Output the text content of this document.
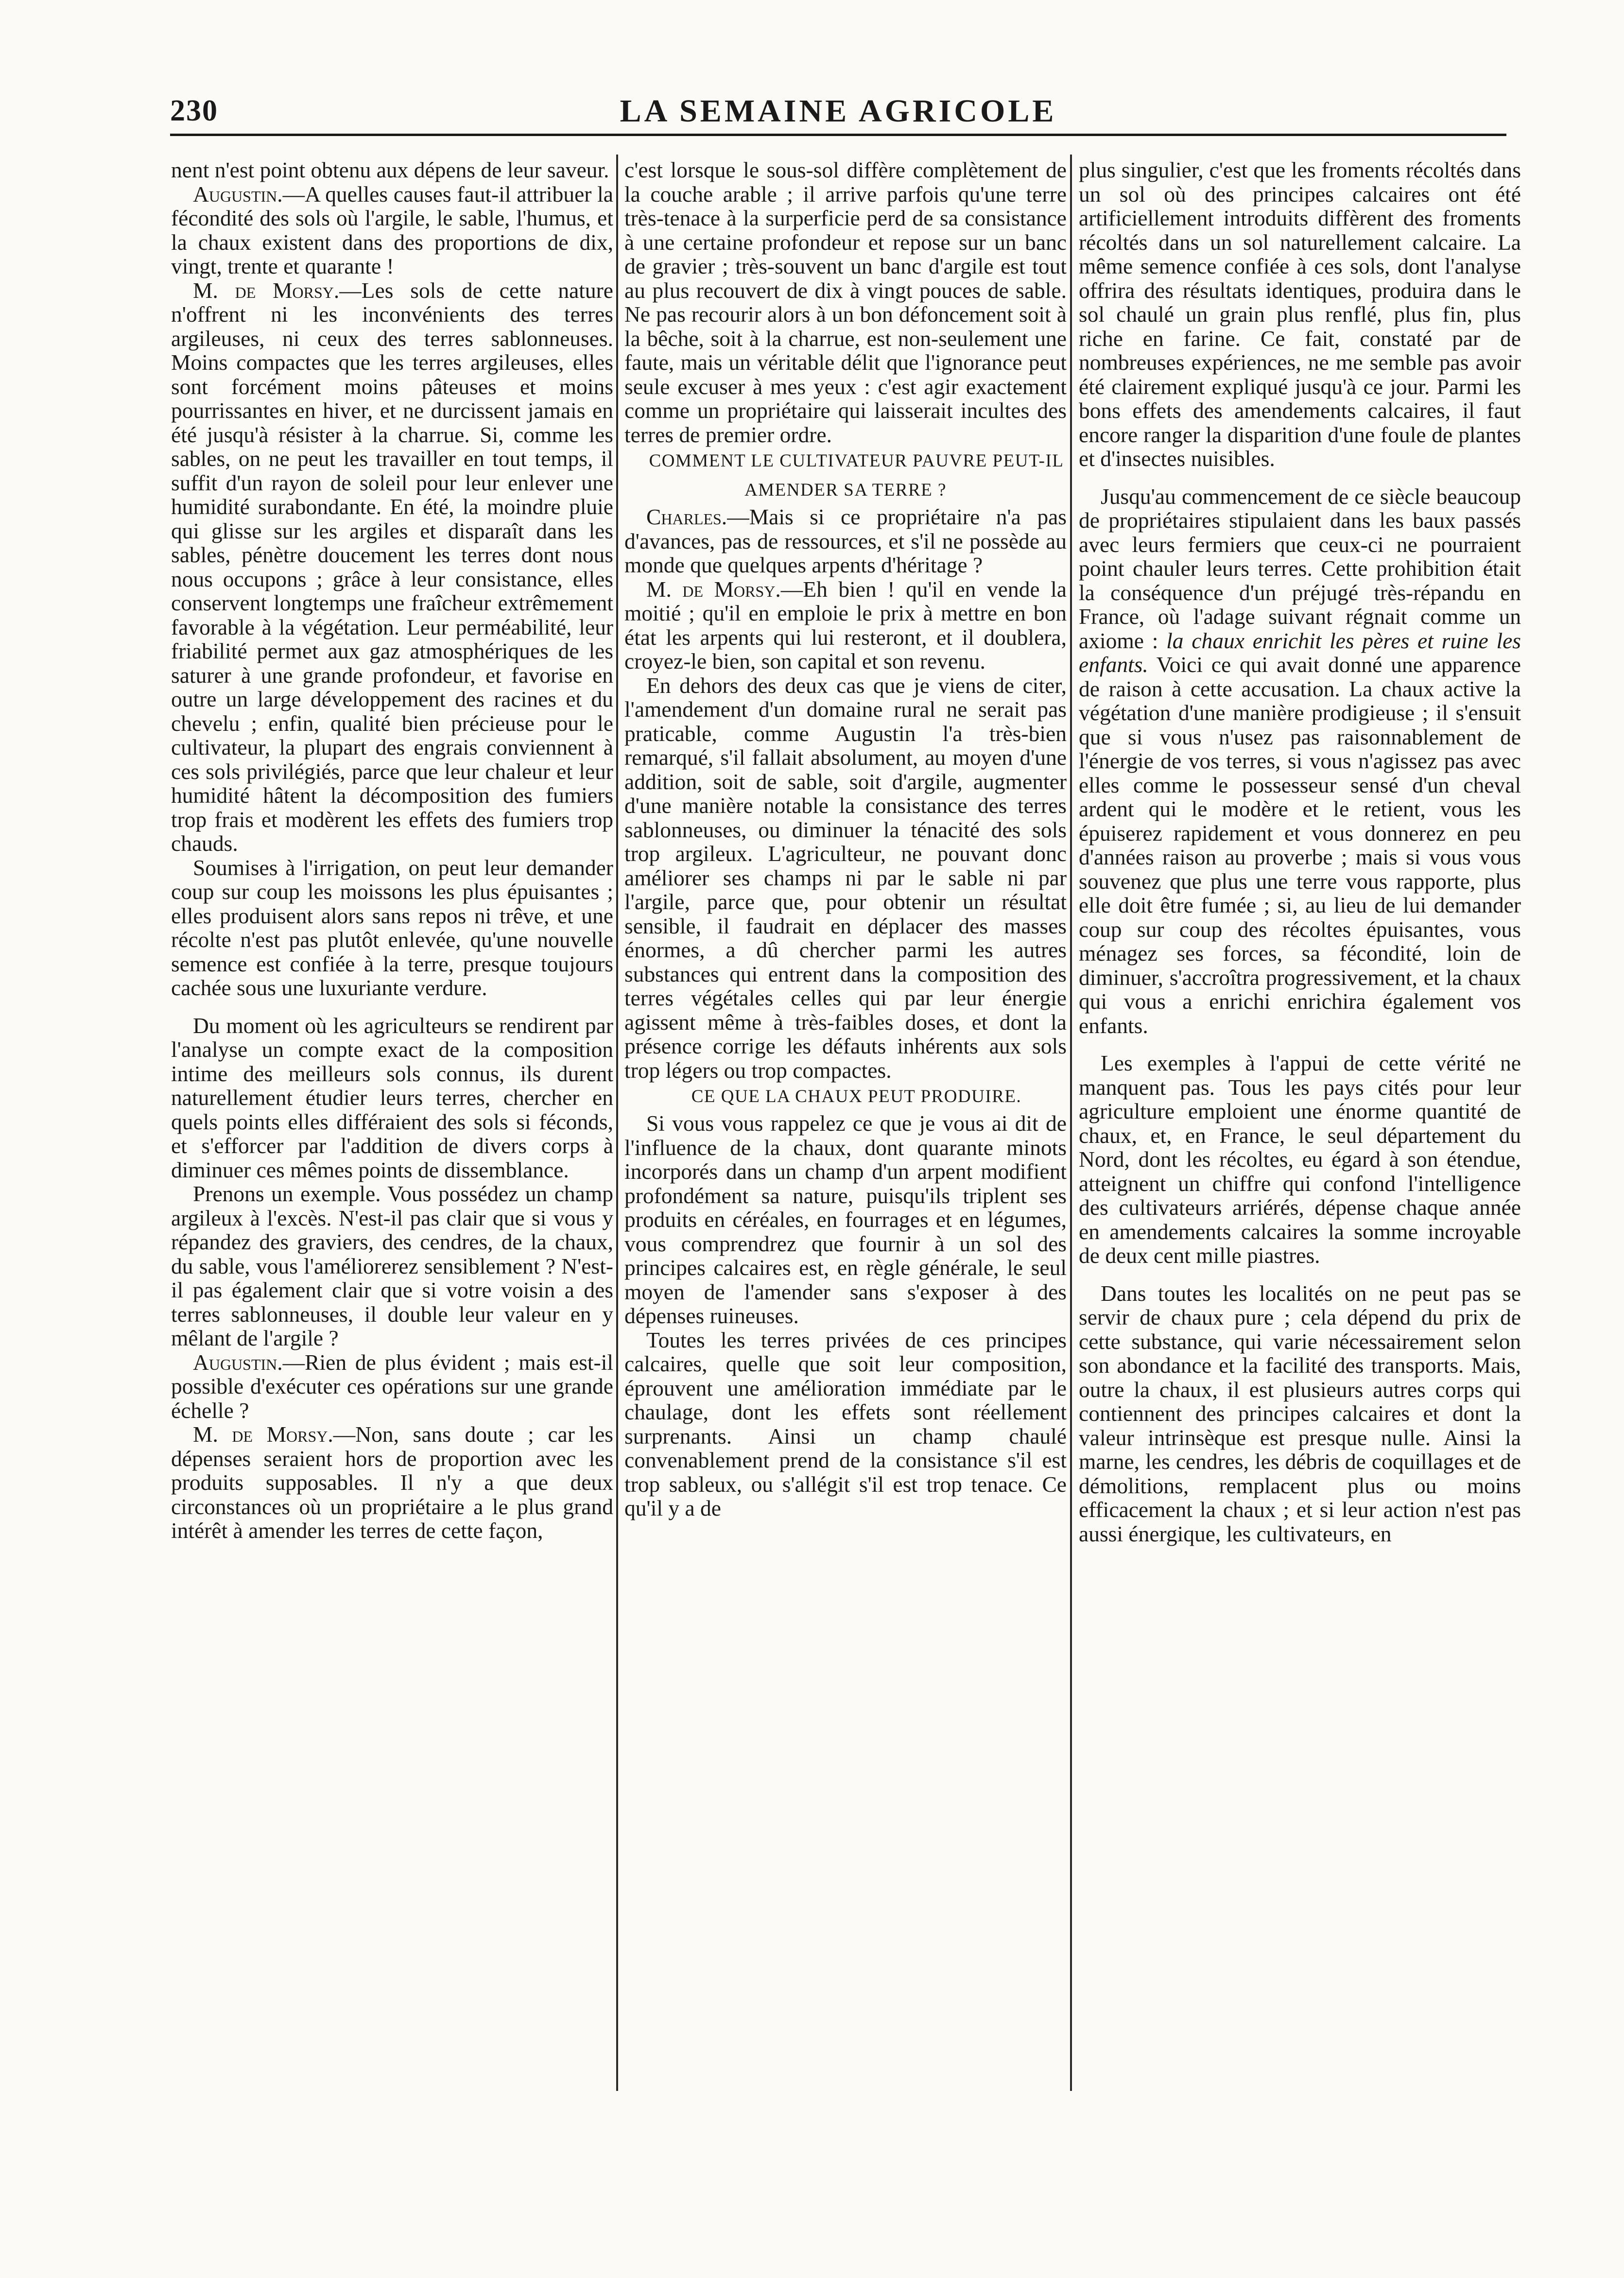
230	LA SEMAINE AGRICOLE

nent n'est point obtenu aux dépens de leur saveur.

Augustin.—A quelles causes faut-il attribuer la fécondité des sols où l'argile, le sable, l'humus, et la chaux existent dans des proportions de dix, vingt, trente et quarante !

M. de Morsy.—Les sols de cette nature n'offrent ni les inconvénients des terres argileuses, ni ceux des terres sablonneuses. Moins compactes que les terres argileuses, elles sont forcément moins pâteuses et moins pourrissantes en hiver, et ne durcissent jamais en été jusqu'à résister à la charrue. Si, comme les sables, on ne peut les travailler en tout temps, il suffit d'un rayon de soleil pour leur enlever une humidité surabondante. En été, la moindre pluie qui glisse sur les argiles et disparaît dans les sables, pénètre doucement les terres dont nous nous occupons ; grâce à leur consistance, elles conservent longtemps une fraîcheur extrêmement favorable à la végétation. Leur perméabilité, leur friabilité permet aux gaz atmosphériques de les saturer à une grande profondeur, et favorise en outre un large développement des racines et du chevelu ; enfin, qualité bien précieuse pour le cultivateur, la plupart des engrais conviennent à ces sols privilégiés, parce que leur chaleur et leur humidité hâtent la décomposition des fumiers trop frais et modèrent les effets des fumiers trop chauds.

Soumises à l'irrigation, on peut leur demander coup sur coup les moissons les plus épuisantes ; elles produisent alors sans repos ni trêve, et une récolte n'est pas plutôt enlevée, qu'une nouvelle semence est confiée à la terre, presque toujours cachée sous une luxuriante verdure.

Du moment où les agriculteurs se rendirent par l'analyse un compte exact de la composition intime des meilleurs sols connus, ils durent naturellement étudier leurs terres, chercher en quels points elles différaient des sols si féconds, et s'efforcer par l'addition de divers corps à diminuer ces mêmes points de dissemblance.

Prenons un exemple. Vous possédez un champ argileux à l'excès. N'est-il pas clair que si vous y répandez des graviers, des cendres, de la chaux, du sable, vous l'améliorerez sensiblement ? N'est-il pas également clair que si votre voisin a des terres sablonneuses, il double leur valeur en y mêlant de l'argile ?

Augustin.—Rien de plus évident ; mais est-il possible d'exécuter ces opérations sur une grande échelle ?

M. de Morsy.—Non, sans doute ; car les dépenses seraient hors de proportion avec les produits supposables. Il n'y a que deux circonstances où un propriétaire a le plus grand intérêt à amender les terres de cette façon,

c'est lorsque le sous-sol diffère complètement de la couche arable ; il arrive parfois qu'une terre très-tenace à la surperficie perd de sa consistance à une certaine profondeur et repose sur un banc de gravier ; très-souvent un banc d'argile est tout au plus recouvert de dix à vingt pouces de sable. Ne pas recourir alors à un bon défoncement soit à la bêche, soit à la charrue, est non-seulement une faute, mais un véritable délit que l'ignorance peut seule excuser à mes yeux : c'est agir exactement comme un propriétaire qui laisserait incultes des terres de premier ordre.

COMMENT LE CULTIVATEUR PAUVRE PEUT-IL AMENDER SA TERRE ?

Charles.—Mais si ce propriétaire n'a pas d'avances, pas de ressources, et s'il ne possède au monde que quelques arpents d'héritage ?

M. de Morsy.—Eh bien ! qu'il en vende la moitié ; qu'il en emploie le prix à mettre en bon état les arpents qui lui resteront, et il doublera, croyez-le bien, son capital et son revenu.

En dehors des deux cas que je viens de citer, l'amendement d'un domaine rural ne serait pas praticable, comme Augustin l'a très-bien remarqué, s'il fallait absolument, au moyen d'une addition, soit de sable, soit d'argile, augmenter d'une manière notable la consistance des terres sablonneuses, ou diminuer la ténacité des sols trop argileux. L'agriculteur, ne pouvant donc améliorer ses champs ni par le sable ni par l'argile, parce que, pour obtenir un résultat sensible, il faudrait en déplacer des masses énormes, a dû chercher parmi les autres substances qui entrent dans la composition des terres végétales celles qui par leur énergie agissent même à très-faibles doses, et dont la présence corrige les défauts inhérents aux sols trop légers ou trop compactes.

CE QUE LA CHAUX PEUT PRODUIRE.

Si vous vous rappelez ce que je vous ai dit de l'influence de la chaux, dont quarante minots incorporés dans un champ d'un arpent modifient profondément sa nature, puisqu'ils triplent ses produits en céréales, en fourrages et en légumes, vous comprendrez que fournir à un sol des principes calcaires est, en règle générale, le seul moyen de l'amender sans s'exposer à des dépenses ruineuses.

Toutes les terres privées de ces principes calcaires, quelle que soit leur composition, éprouvent une amélioration immédiate par le chaulage, dont les effets sont réellement surprenants. Ainsi un champ chaulé convenablement prend de la consistance s'il est trop sableux, ou s'allégit s'il est trop tenace. Ce qu'il y a de

plus singulier, c'est que les froments récoltés dans un sol où des principes calcaires ont été artificiellement introduits diffèrent des froments récoltés dans un sol naturellement calcaire. La même semence confiée à ces sols, dont l'analyse offrira des résultats identiques, produira dans le sol chaulé un grain plus renflé, plus fin, plus riche en farine. Ce fait, constaté par de nombreuses expériences, ne me semble pas avoir été clairement expliqué jusqu'à ce jour. Parmi les bons effets des amendements calcaires, il faut encore ranger la disparition d'une foule de plantes et d'insectes nuisibles.

Jusqu'au commencement de ce siècle beaucoup de propriétaires stipulaient dans les baux passés avec leurs fermiers que ceux-ci ne pourraient point chauler leurs terres. Cette prohibition était la conséquence d'un préjugé très-répandu en France, où l'adage suivant régnait comme un axiome : la chaux enrichit les pères et ruine les enfants. Voici ce qui avait donné une apparence de raison à cette accusation. La chaux active la végétation d'une manière prodigieuse ; il s'ensuit que si vous n'usez pas raisonnablement de l'énergie de vos terres, si vous n'agissez pas avec elles comme le possesseur sensé d'un cheval ardent qui le modère et le retient, vous les épuiserez rapidement et vous donnerez en peu d'années raison au proverbe ; mais si vous vous souvenez que plus une terre vous rapporte, plus elle doit être fumée ; si, au lieu de lui demander coup sur coup des récoltes épuisantes, vous ménagez ses forces, sa fécondité, loin de diminuer, s'accroîtra progressivement, et la chaux qui vous a enrichi enrichira également vos enfants.

Les exemples à l'appui de cette vérité ne manquent pas. Tous les pays cités pour leur agriculture emploient une énorme quantité de chaux, et, en France, le seul département du Nord, dont les récoltes, eu égard à son étendue, atteignent un chiffre qui confond l'intelligence des cultivateurs arriérés, dépense chaque année en amendements calcaires la somme incroyable de deux cent mille piastres.

Dans toutes les localités on ne peut pas se servir de chaux pure ; cela dépend du prix de cette substance, qui varie nécessairement selon son abondance et la facilité des transports. Mais, outre la chaux, il est plusieurs autres corps qui contiennent des principes calcaires et dont la valeur intrinsèque est presque nulle. Ainsi la marne, les cendres, les débris de coquillages et de démolitions, remplacent plus ou moins efficacement la chaux ; et si leur action n'est pas aussi énergique, les cultivateurs, en
